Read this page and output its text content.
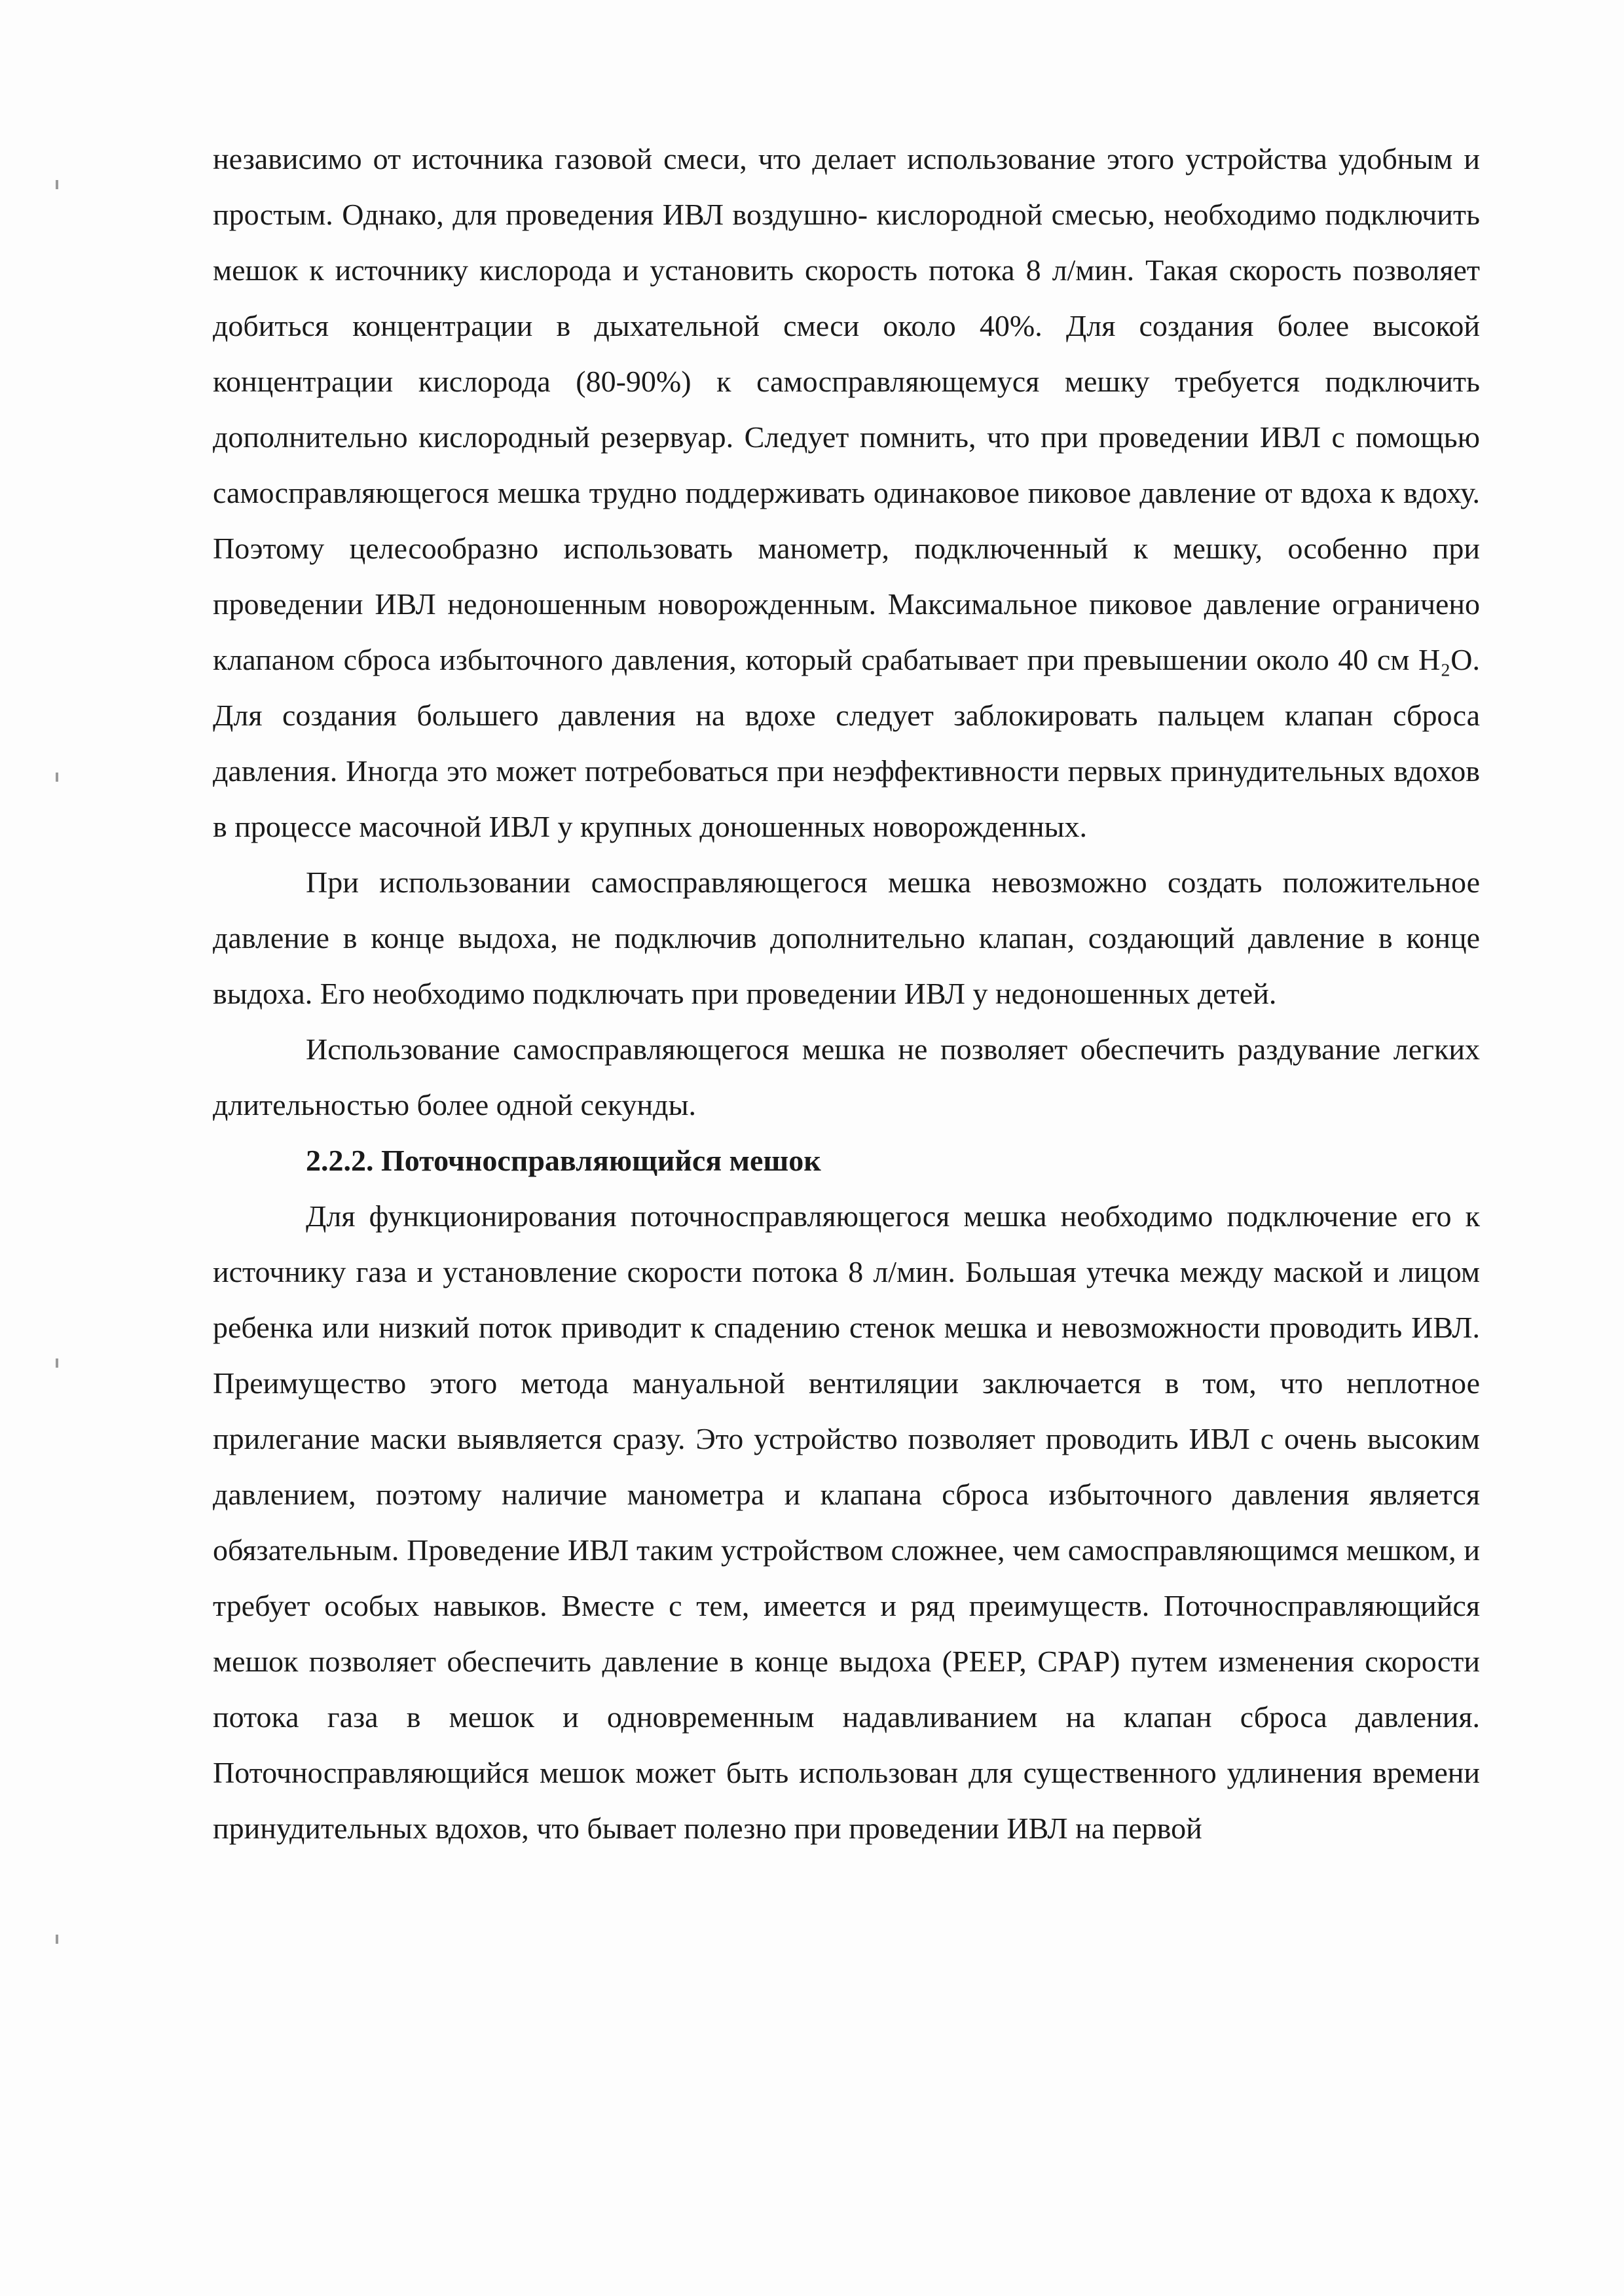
независимо от источника газовой смеси, что делает использование этого устройства удобным и простым. Однако, для проведения ИВЛ воздушно- кислородной смесью, необходимо подключить мешок к источнику кислорода и установить скорость потока 8 л/мин. Такая скорость позволяет добиться концентрации в дыхательной смеси около 40%. Для создания более высокой концентрации кислорода (80-90%) к самосправляющемуся мешку требуется подключить дополнительно кислородный резервуар. Следует помнить, что при проведении ИВЛ с помощью самосправляющегося мешка трудно поддерживать одинаковое пиковое давление от вдоха к вдоху. Поэтому целесообразно использовать манометр, подключенный к мешку, особенно при проведении ИВЛ недоношенным новорожденным. Максимальное пиковое давление ограничено клапаном сброса избыточного давления, который срабатывает при превышении около 40 см H₂O. Для создания большего давления на вдохе следует заблокировать пальцем клапан сброса давления. Иногда это может потребоваться при неэффективности первых принудительных вдохов в процессе масочной ИВЛ у крупных доношенных новорожденных.

При использовании самосправляющегося мешка невозможно создать положительное давление в конце выдоха, не подключив дополнительно клапан, создающий давление в конце выдоха. Его необходимо подключать при проведении ИВЛ у недоношенных детей.

Использование самосправляющегося мешка не позволяет обеспечить раздувание легких длительностью более одной секунды.

2.2.2. Поточносправляющийся мешок

Для функционирования поточносправляющегося мешка необходимо подключение его к источнику газа и установление скорости потока 8 л/мин. Большая утечка между маской и лицом ребенка или низкий поток приводит к спадению стенок мешка и невозможности проводить ИВЛ. Преимущество этого метода мануальной вентиляции заключается в том, что неплотное прилегание маски выявляется сразу. Это устройство позволяет проводить ИВЛ с очень высоким давлением, поэтому наличие манометра и клапана сброса избыточного давления является обязательным. Проведение ИВЛ таким устройством сложнее, чем самосправляющимся мешком, и требует особых навыков. Вместе с тем, имеется и ряд преимуществ. Поточносправляющийся мешок позволяет обеспечить давление в конце выдоха (PEEP, CPAP) путем изменения скорости потока газа в мешок и одновременным надавливанием на клапан сброса давления. Поточносправляющийся мешок может быть использован для существенного удлинения времени принудительных вдохов, что бывает полезно при проведении ИВЛ на первой
